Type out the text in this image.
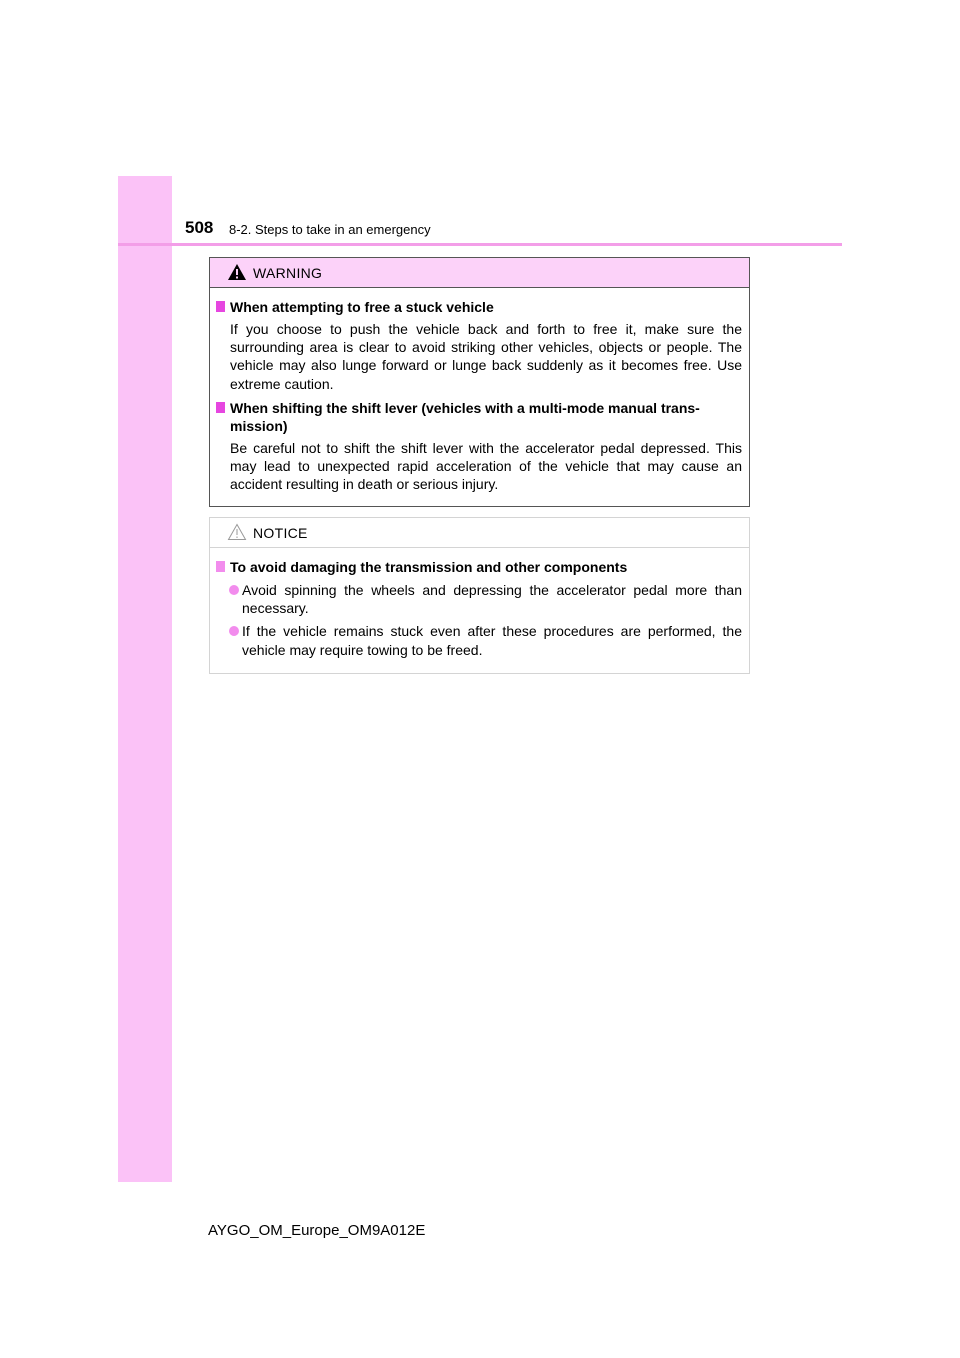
508 8-2. Steps to take in an emergency
WARNING
When attempting to free a stuck vehicle
If you choose to push the vehicle back and forth to free it, make sure the surrounding area is clear to avoid striking other vehicles, objects or people. The vehicle may also lunge forward or lunge back suddenly as it becomes free. Use extreme caution.
When shifting the shift lever (vehicles with a multi-mode manual trans-mission)
Be careful not to shift the shift lever with the accelerator pedal depressed. This may lead to unexpected rapid acceleration of the vehicle that may cause an accident resulting in death or serious injury.
NOTICE
To avoid damaging the transmission and other components
Avoid spinning the wheels and depressing the accelerator pedal more than necessary.
If the vehicle remains stuck even after these procedures are performed, the vehicle may require towing to be freed.
AYGO_OM_Europe_OM9A012E
